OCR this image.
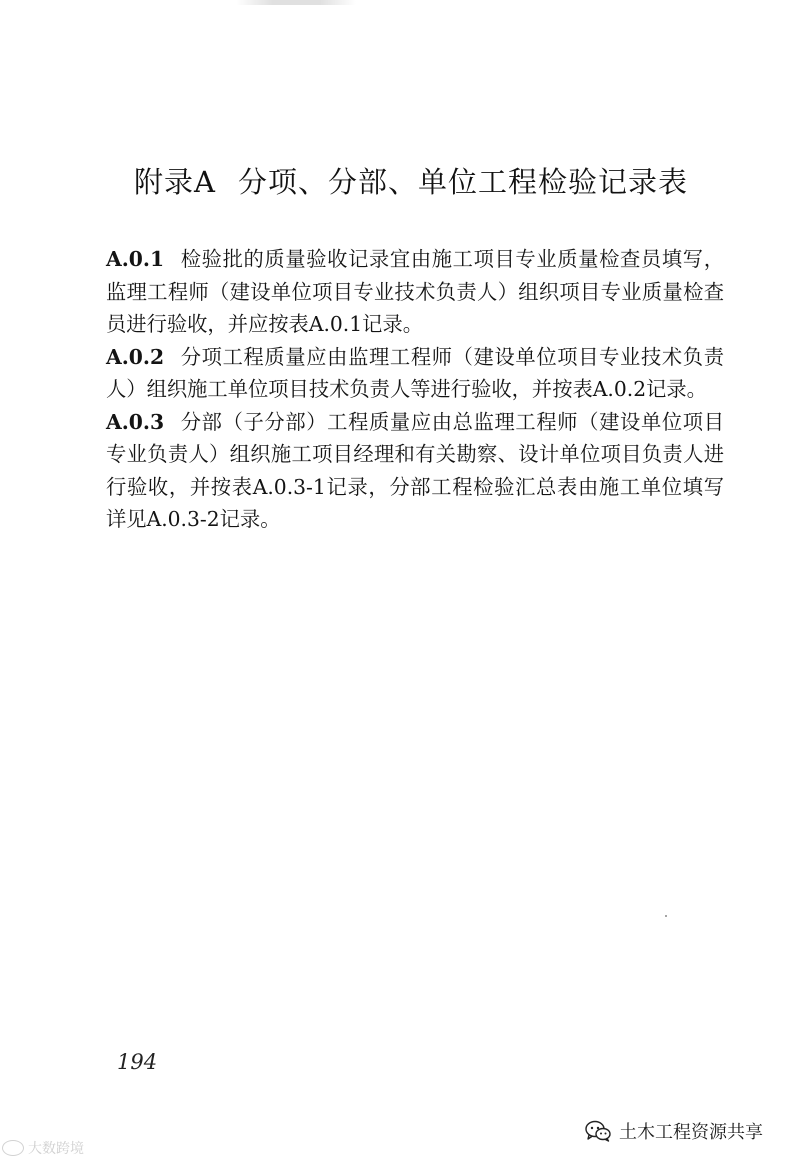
附录A 分项、分部、单位工程检验记录表

A.0.1 检验批的质量验收记录宜由施工项目专业质量检查员填写，监理工程师（建设单位项目专业技术负责人）组织项目专业质量检查员进行验收，并应按表A.0.1记录。

A.0.2 分项工程质量应由监理工程师（建设单位项目专业技术负责人）组织施工单位项目技术负责人等进行验收，并按表A.0.2记录。

A.0.3 分部（子分部）工程质量应由总监理工程师（建设单位项目专业负责人）组织施工项目经理和有关勘察、设计单位项目负责人进行验收，并按表A.0.3-1记录，分部工程检验汇总表由施工单位填写详见A.0.3-2记录。

194
大数跨境
土木工程资源共享
